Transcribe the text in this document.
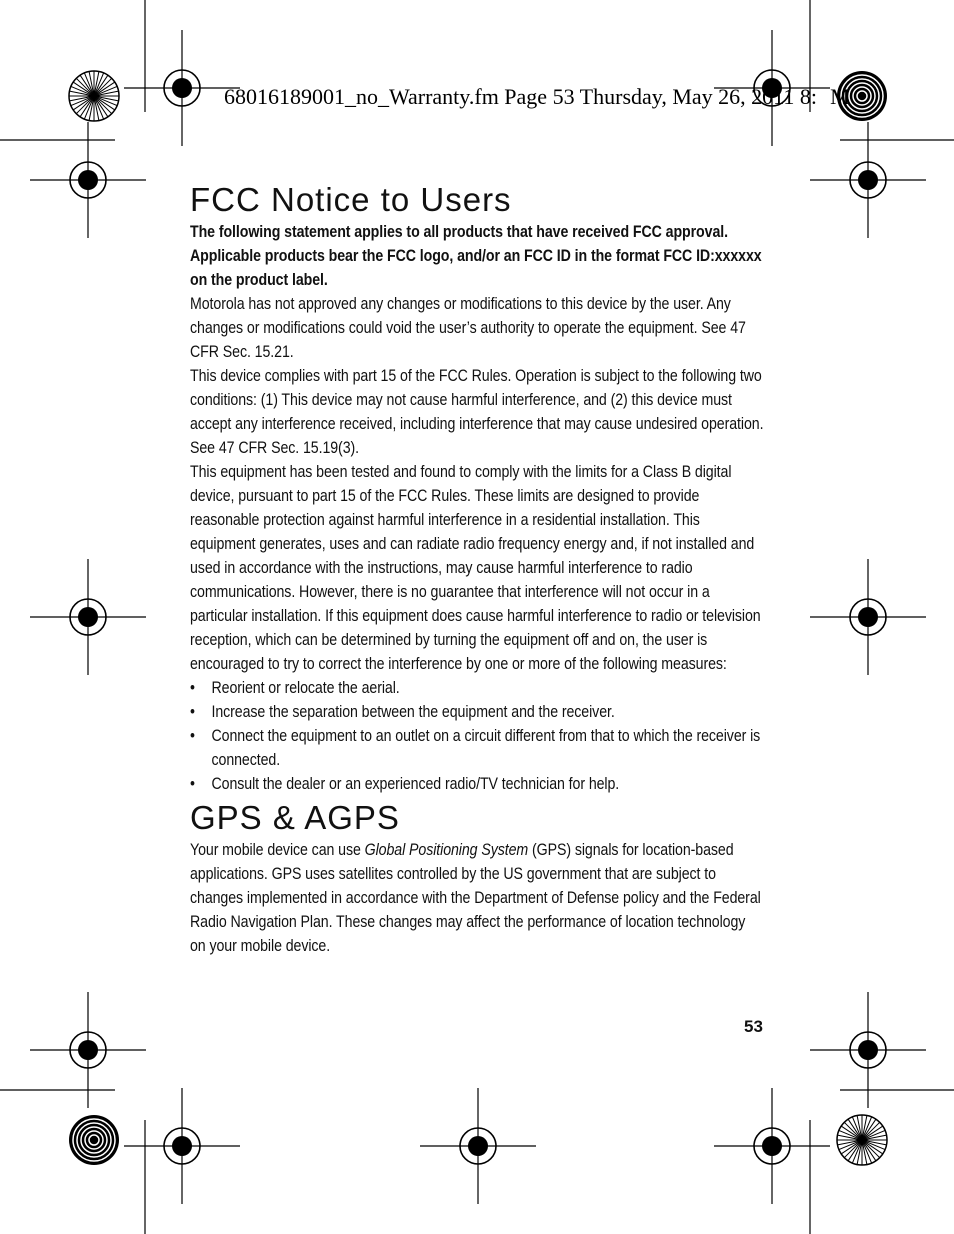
68016189001_no_Warranty.fm Page 53 Thursday, May 26, 2011 8:   M
FCC Notice to Users

The following statement applies to all products that have received FCC approval. Applicable products bear the FCC logo, and/or an FCC ID in the format FCC ID:xxxxxx on the product label.

Motorola has not approved any changes or modifications to this device by the user. Any changes or modifications could void the user’s authority to operate the equipment. See 47 CFR Sec. 15.21.

This device complies with part 15 of the FCC Rules. Operation is subject to the following two conditions: (1) This device may not cause harmful interference, and (2) this device must accept any interference received, including interference that may cause undesired operation. See 47 CFR Sec. 15.19(3).

This equipment has been tested and found to comply with the limits for a Class B digital device, pursuant to part 15 of the FCC Rules. These limits are designed to provide reasonable protection against harmful interference in a residential installation. This equipment generates, uses and can radiate radio frequency energy and, if not installed and used in accordance with the instructions, may cause harmful interference to radio communications. However, there is no guarantee that interference will not occur in a particular installation. If this equipment does cause harmful interference to radio or television reception, which can be determined by turning the equipment off and on, the user is encouraged to try to correct the interference by one or more of the following measures:

• Reorient or relocate the aerial.
• Increase the separation between the equipment and the receiver.
• Connect the equipment to an outlet on a circuit different from that to which the receiver is connected.
• Consult the dealer or an experienced radio/TV technician for help.
GPS & AGPS

Your mobile device can use Global Positioning System (GPS) signals for location-based applications. GPS uses satellites controlled by the US government that are subject to changes implemented in accordance with the Department of Defense policy and the Federal Radio Navigation Plan. These changes may affect the performance of location technology on your mobile device.

53
